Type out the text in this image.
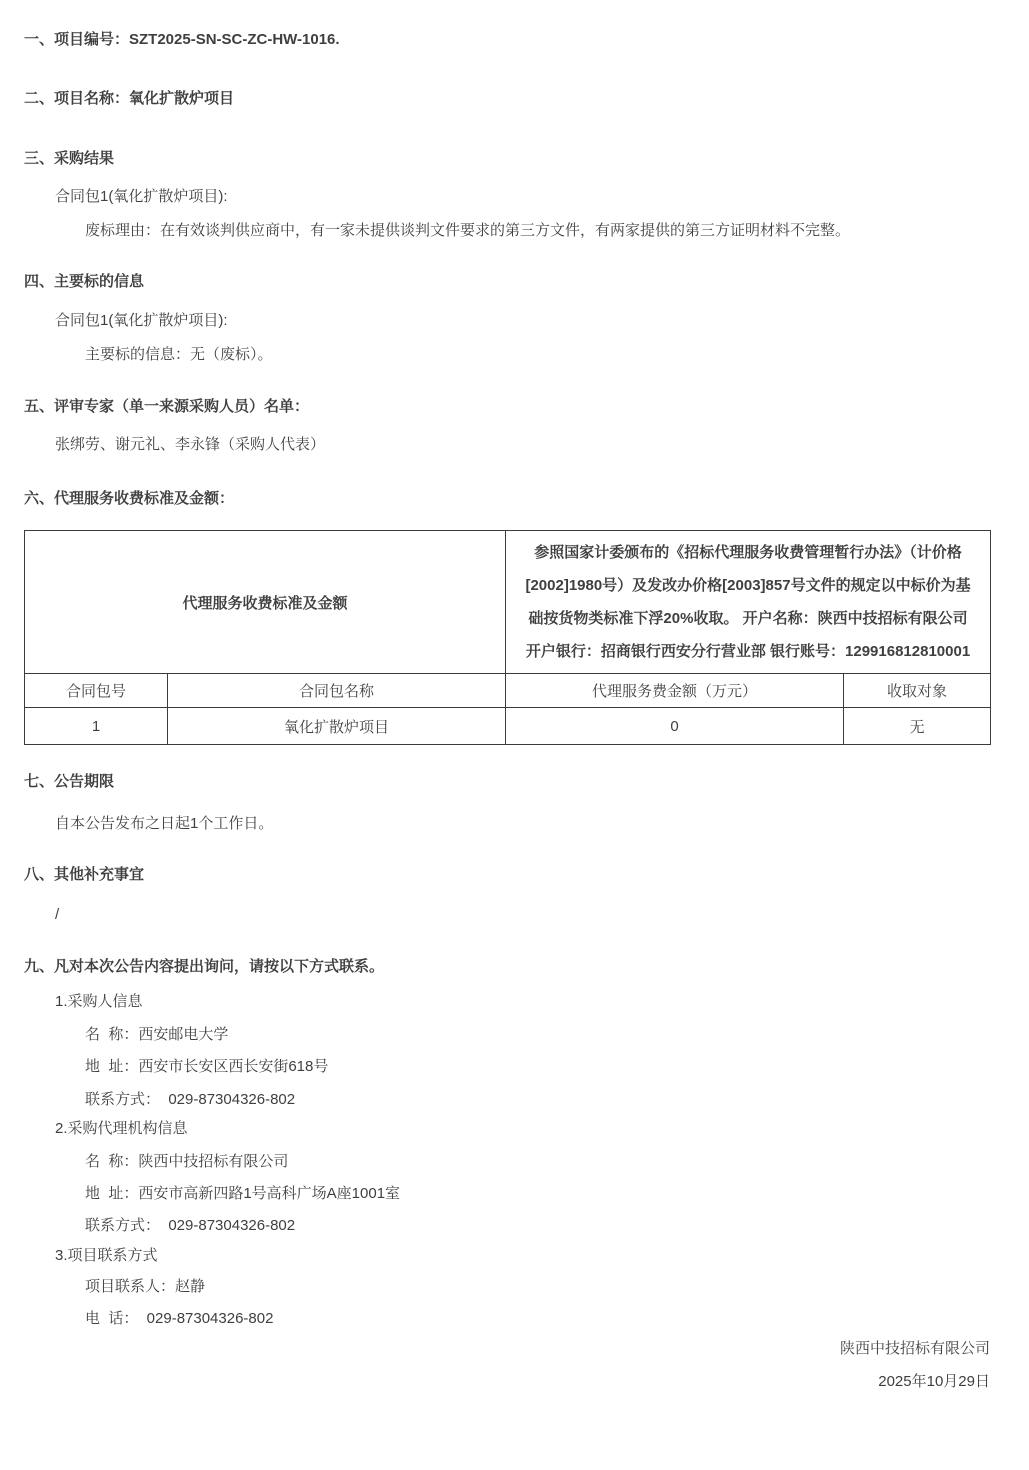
一、项目编号：SZT2025-SN-SC-ZC-HW-1016.
二、项目名称：氧化扩散炉项目
三、采购结果
合同包1(氧化扩散炉项目):
废标理由：在有效谈判供应商中，有一家未提供谈判文件要求的第三方文件，有两家提供的第三方证明材料不完整。
四、主要标的信息
合同包1(氧化扩散炉项目):
主要标的信息：无（废标）。
五、评审专家（单一来源采购人员）名单：
张绑劳、谢元礼、李永锋（采购人代表）
六、代理服务收费标准及金额：
代理服务收费标准及金额		参照国家计委颁布的《招标代理服务收费管理暂行办法》（计价格[2002]1980号）及发改办价格[2003]857号文件的规定以中标价为基础按货物类标准下浮20%收取。 开户名称：陕西中技招标有限公司 开户银行：招商银行西安分行营业部 银行账号：129916812810001	
合同包号	合同包名称	代理服务费金额（万元）	收取对象
1	氧化扩散炉项目	0	无
七、公告期限
自本公告发布之日起1个工作日。
八、其他补充事宜
/
九、凡对本次公告内容提出询问，请按以下方式联系。
1.采购人信息
名  称：西安邮电大学
地  址：西安市长安区西长安街618号
联系方式：  029-87304326-802
2.采购代理机构信息
名  称：陕西中技招标有限公司
地  址：西安市高新四路1号高科广场A座1001室
联系方式：  029-87304326-802
3.项目联系方式
项目联系人：赵静
电  话：  029-87304326-802
陕西中技招标有限公司
2025年10月29日
